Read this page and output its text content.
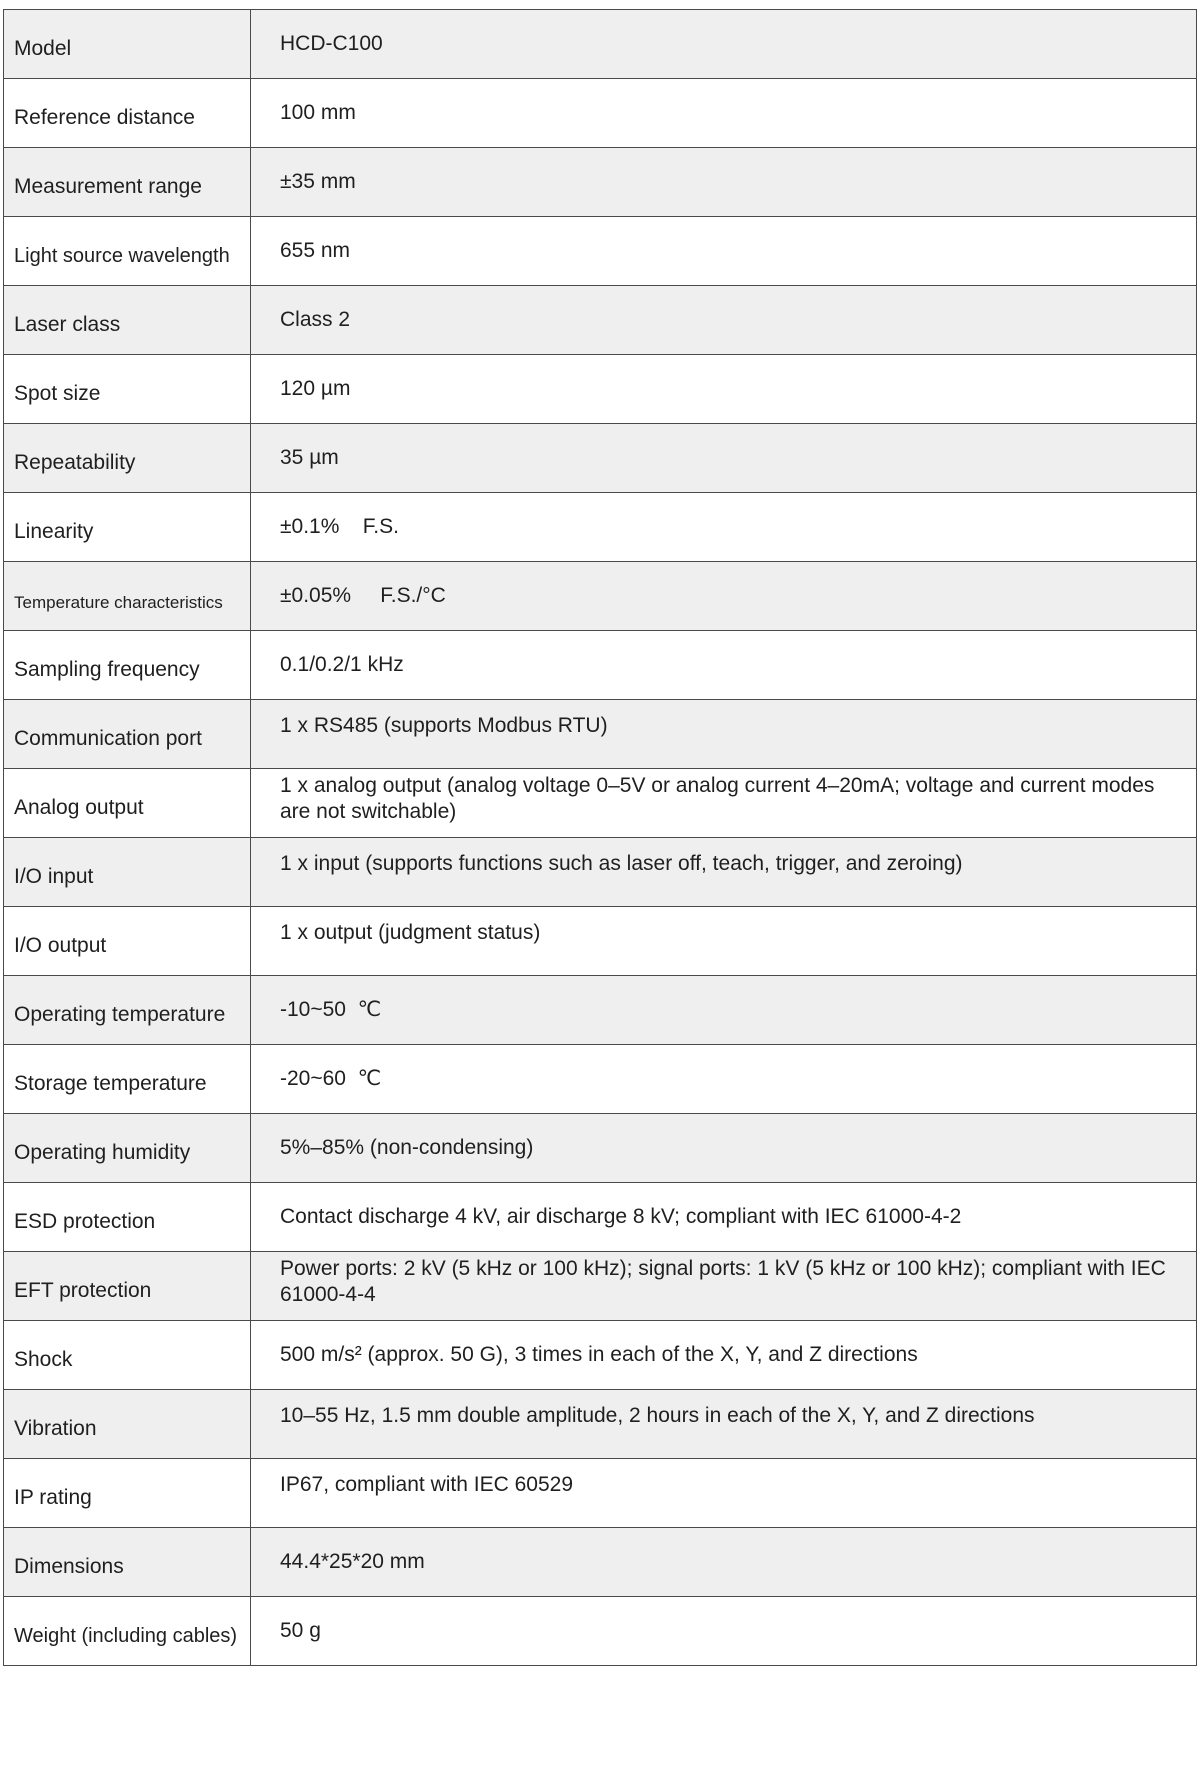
Model	HCD-C100

Reference distance	100 mm

Measurement range	±35 mm

Light source wavelength	655 nm

Laser class	Class 2

Spot size	120 µm

Repeatability	35 µm

Linearity	±0.1%    F.S.

Temperature characteristics	±0.05%     F.S./°C

Sampling frequency	0.1/0.2/1 kHz

Communication port	1 x RS485 (supports Modbus RTU)

Analog output	1 x analog output (analog voltage 0–5V or analog current 4–20mA; voltage and current modes are not switchable)

I/O input	1 x input (supports functions such as laser off, teach, trigger, and zeroing)

I/O output	1 x output (judgment status)

Operating temperature	-10~50  ℃

Storage temperature	-20~60  ℃

Operating humidity	5%–85% (non-condensing)

ESD protection	Contact discharge 4 kV, air discharge 8 kV; compliant with IEC 61000-4-2

EFT protection	Power ports: 2 kV (5 kHz or 100 kHz); signal ports: 1 kV (5 kHz or 100 kHz); compliant with IEC 61000-4-4

Shock	500 m/s² (approx. 50 G), 3 times in each of the X, Y, and Z directions

Vibration	10–55 Hz, 1.5 mm double amplitude, 2 hours in each of the X, Y, and Z directions

IP rating	IP67, compliant with IEC 60529

Dimensions	44.4*25*20 mm

Weight (including cables)	50 g
